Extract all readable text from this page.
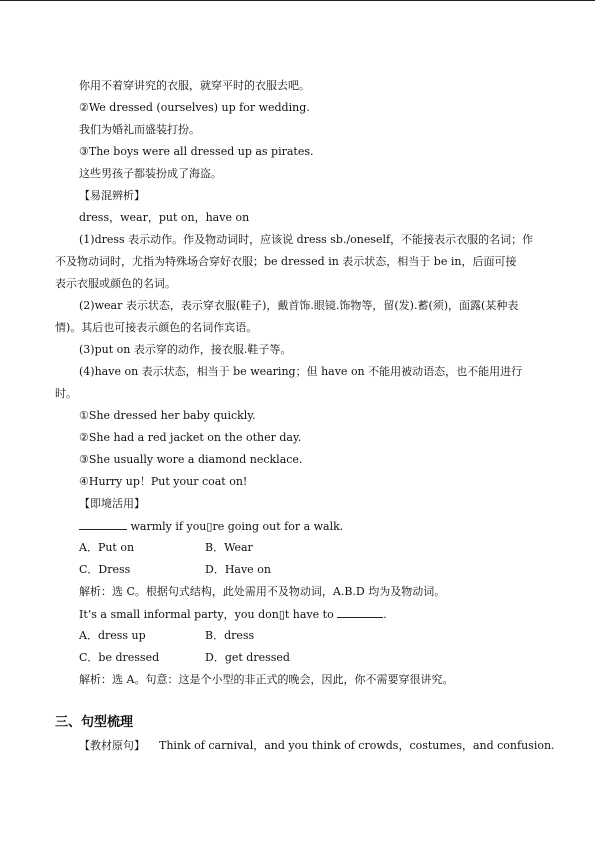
你用不着穿讲究的衣服，就穿平时的衣服去吧。
②We dressed (ourselves) up for wedding.
我们为婚礼而盛装打扮。
③The boys were all dressed up as pirates.
这些男孩子都装扮成了海盗。
【易混辨析】
dress，wear，put on，have on
(1)dress 表示动作。作及物动词时，应该说 dress sb./oneself，不能接表示衣服的名词；作
不及物动词时，尤指为特殊场合穿好衣服；be dressed in 表示状态，相当于 be in，后面可接
表示衣服或颜色的名词。
(2)wear 表示状态，表示穿衣服(鞋子)，戴首饰.眼镜.饰物等，留(发).蓄(须)，面露(某种表
情)。其后也可接表示颜色的名词作宾语。
(3)put on 表示穿的动作，接衣服.鞋子等。
(4)have on 表示状态，相当于 be wearing；但 have on 不能用被动语态，也不能用进行
时。
①She dressed her baby quickly.
②She had a red jacket on the other day.
③She usually wore a diamond necklace.
④Hurry up！Put your coat on!
【即境活用】
warmly if you▯re going out for a walk.
A．Put on	B．Wear
C．Dress	D．Have on
解析：选 C。根据句式结构，此处需用不及物动词，A.B.D 均为及物动词。
It’s a small informal party，you don▯t have to	.
A．dress up	B．dress
C．be dressed	D．get dressed
解析：选 A。句意：这是个小型的非正式的晚会，因此，你不需要穿很讲究。
三、句型梳理
【教材原句】 Think of carnival，and you think of crowds，costumes，and confusion.
